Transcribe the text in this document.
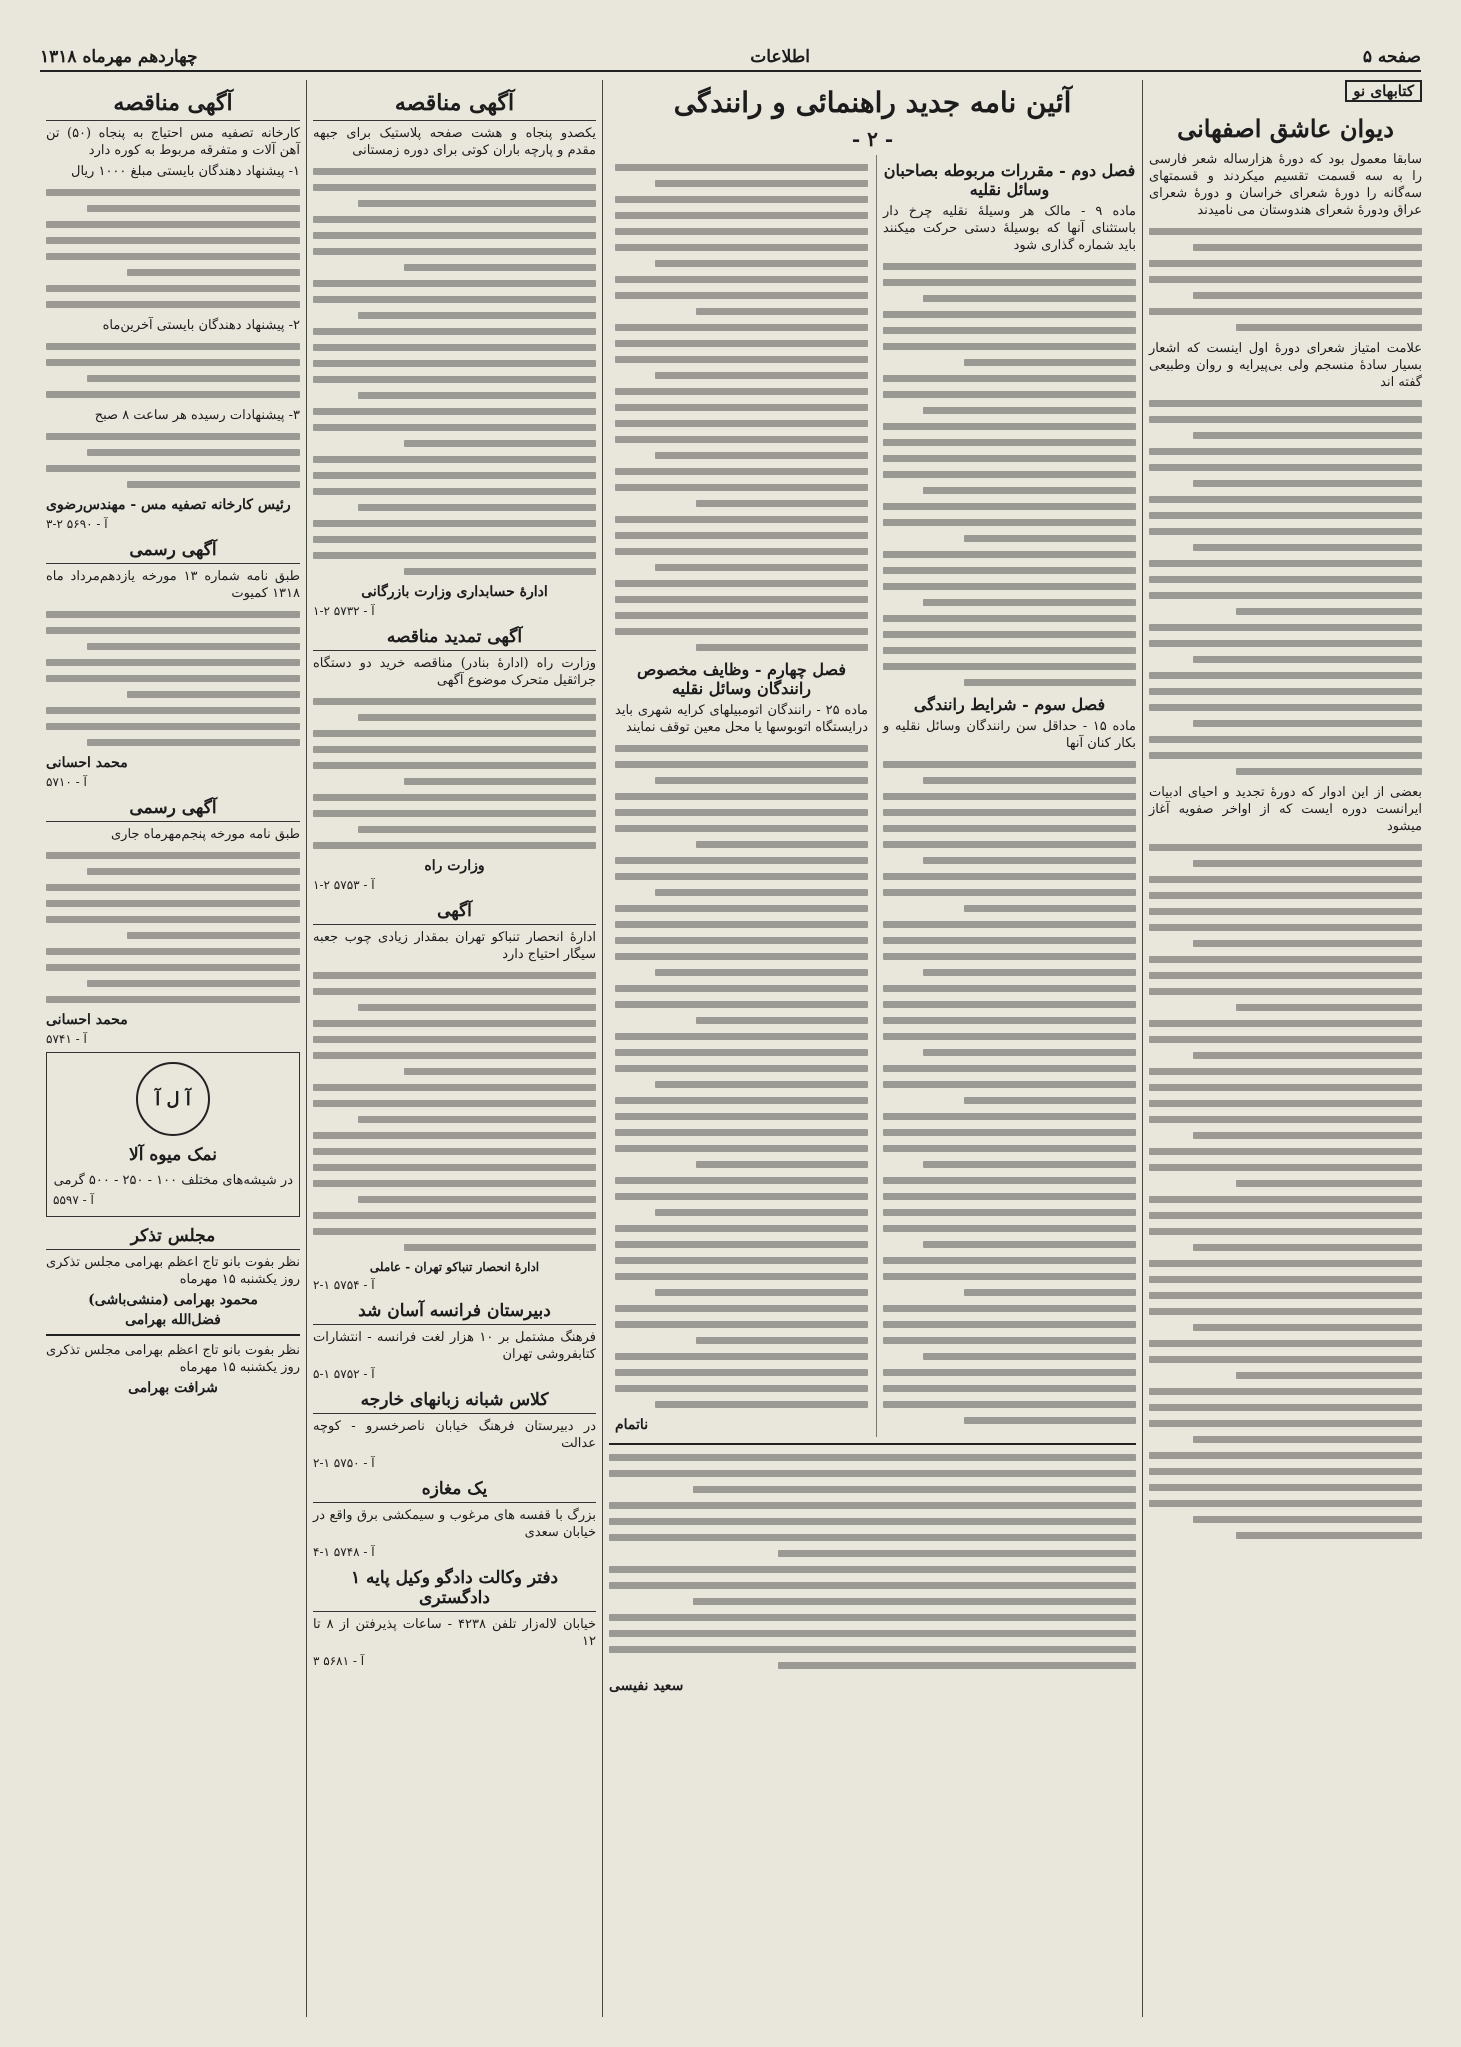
صفحه ۵
اطلاعات
چهاردهم مهرماه ۱۳۱۸
کتابهای نو
دیوان عاشق اصفهانی

سابقا معمول بود که دورهٔ هزارساله شعر فارسی را به سه قسمت تقسیم میکردند و قسمتهای سه‌گانه را دورهٔ شعرای خراسان و دورهٔ شعرای عراق ودورهٔ شعرای هندوستان می نامیدند

علامت امتیاز شعرای دورهٔ اول اینست که اشعار بسیار سادهٔ منسجم ولی بی‌پیرایه و روان وطبیعی گفته اند

بعضی از این ادوار که دورهٔ تجدید و احیای ادبیات ایرانست دوره ایست که از اواخر صفویه آغاز میشود

آئین نامه جدید راهنمائی و رانندگی
- ۲ -
فصل دوم - مقررات مربوطه بصاحبان وسائل نقلیه

ماده ۹ - مالک هر وسیلهٔ نقلیه چرخ دار باستثنای آنها که بوسیلهٔ دستی حرکت میکنند باید شماره گذاری شود

فصل سوم - شرایط رانندگی

ماده ۱۵ - حداقل سن رانندگان وسائل نقلیه و بکار کنان آنها

فصل چهارم - وظایف مخصوص رانندگان وسائل نقلیه

ماده ۲۵ - رانندگان اتومبیلهای کرایه شهری باید درایستگاه اتوبوسها یا محل معین توقف نمایند

ناتمام
سعید نفیسی
آگهی مناقصه

یکصدو پنجاه و هشت صفحه پلاستیک برای جبهه مقدم و پارچه باران کوتی برای دوره زمستانی

ادارهٔ حسابداری وزارت بازرگانی
آ - ۵۷۳۲ ۲-۱
آگهی تمدید مناقصه

وزارت راه (ادارهٔ بنادر) مناقصه خرید دو دستگاه جراثقیل متحرک موضوع آگهی

وزارت راه
آ - ۵۷۵۳ ۲-۱
آگهی

ادارهٔ انحصار تنباکو تهران بمقدار زیادی چوب جعبه سیگار احتیاج دارد

ادارهٔ انحصار تنباکو تهران - عاملی
آ - ۵۷۵۴ ۱-۲
دبیرستان فرانسه آسان شد

فرهنگ مشتمل بر ۱۰ هزار لغت فرانسه - انتشارات کتابفروشی تهران

آ - ۵۷۵۲ ۱-۵
کلاس شبانه زبانهای خارجه

در دبیرستان فرهنگ خیابان ناصرخسرو - کوچه عدالت

آ - ۵۷۵۰ ۱-۲
یک مغازه

بزرگ با قفسه های مرغوب و سیمکشی برق واقع در خیابان سعدی

آ - ۵۷۴۸ ۱-۴
دفتر وکالت دادگو وکیل پایه ۱ دادگستری

خیابان لاله‌زار تلفن ۴۲۳۸ - ساعات پذیرفتن از ۸ تا ۱۲

آ - ۵۶۸۱ ۳
آگهی مناقصه

کارخانه تصفیه مس احتیاج به پنجاه (۵۰) تن آهن آلات و متفرقه مربوط به کوره دارد

۱- پیشنهاد دهندگان بایستی مبلغ ۱۰۰۰ ریال

۲- پیشنهاد دهندگان بایستی آخرین‌ماه

۳- پیشنهادات رسیده هر ساعت ۸ صبح

رئیس کارخانه تصفیه مس - مهندس‌رضوی
آ - ۵۶۹۰ ۲-۳
آگهی رسمی

طبق نامه شماره ۱۳ مورخه یازدهم‌مرداد ماه ۱۳۱۸ کمیوت

محمد احسانی
آ - ۵۷۱۰
آگهی رسمی

طبق نامه مورخه پنجم‌مهرماه جاری

محمد احسانی
آ - ۵۷۴۱
آ ل آ
نمک میوه آلا

در شیشه‌های مختلف ۱۰۰ - ۲۵۰ - ۵۰۰ گرمی

آ - ۵۵۹۷
مجلس تذکر

نظر بفوت بانو تاج اعظم بهرامی مجلس تذکری روز یکشنبه ۱۵ مهرماه

محمود بهرامی (منشی‌باشی)
فضل‌الله بهرامی

نظر بفوت بانو تاج اعظم بهرامی مجلس تذکری روز یکشنبه ۱۵ مهرماه

شرافت بهرامی
